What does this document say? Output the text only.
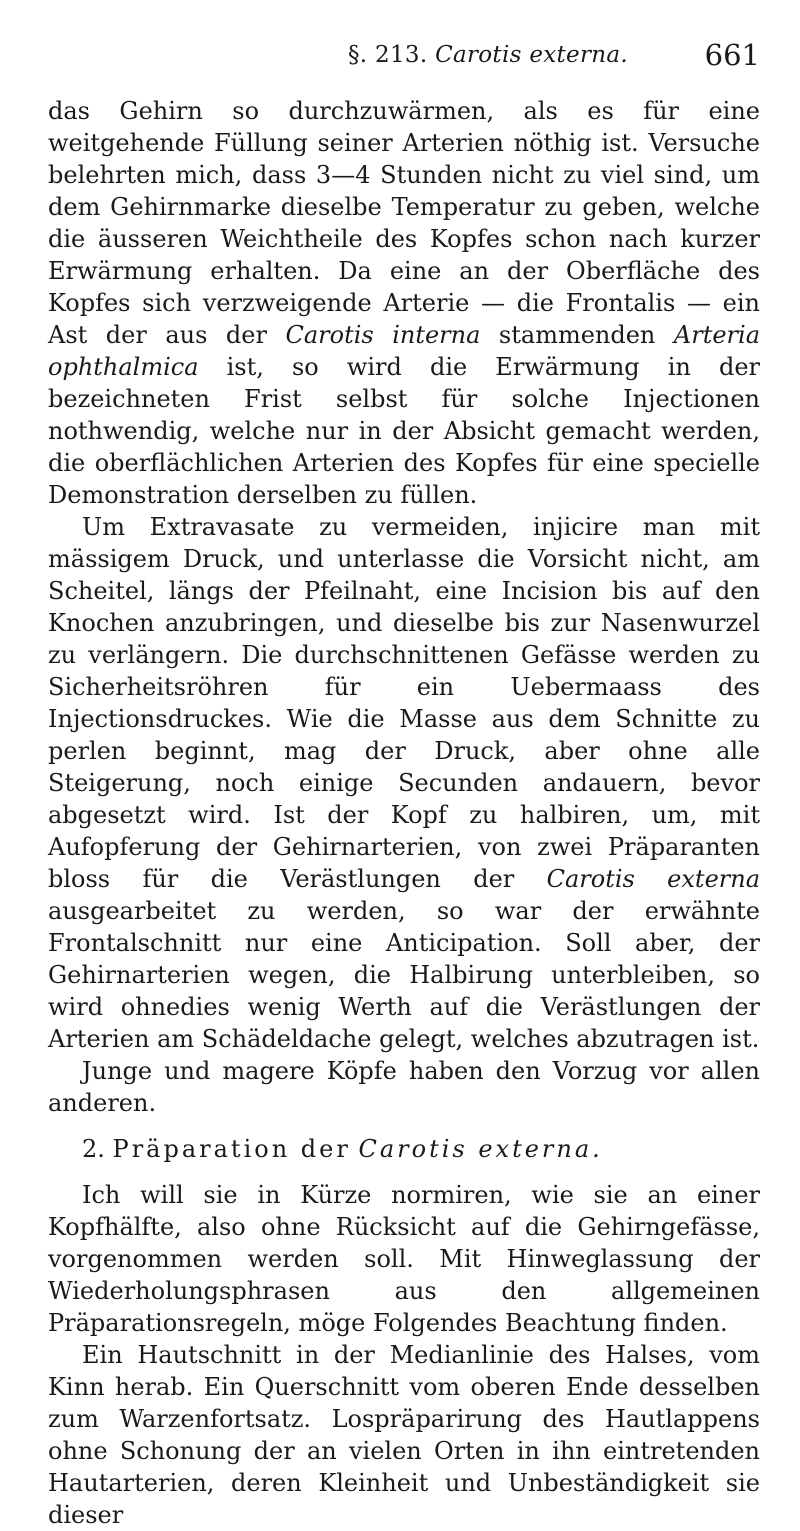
§. 213. Carotis externa.	661

das Gehirn so durchzuwärmen, als es für eine weitgehende Füllung seiner Arterien nöthig ist. Versuche belehrten mich, dass 3—4 Stunden nicht zu viel sind, um dem Gehirnmarke dieselbe Temperatur zu geben, welche die äusseren Weichtheile des Kopfes schon nach kurzer Erwärmung erhalten. Da eine an der Oberfläche des Kopfes sich verzweigende Arterie — die Frontalis — ein Ast der aus der Carotis interna stammenden Arteria ophthalmica ist, so wird die Erwärmung in der bezeichneten Frist selbst für solche Injectionen nothwendig, welche nur in der Absicht gemacht werden, die oberflächlichen Arterien des Kopfes für eine specielle Demonstration derselben zu füllen.

Um Extravasate zu vermeiden, injicire man mit mässigem Druck, und unterlasse die Vorsicht nicht, am Scheitel, längs der Pfeilnaht, eine Incision bis auf den Knochen anzubringen, und dieselbe bis zur Nasenwurzel zu verlängern. Die durchschnittenen Gefässe werden zu Sicherheitsröhren für ein Uebermaass des Injectionsdruckes. Wie die Masse aus dem Schnitte zu perlen beginnt, mag der Druck, aber ohne alle Steigerung, noch einige Secunden andauern, bevor abgesetzt wird. Ist der Kopf zu halbiren, um, mit Aufopferung der Gehirnarterien, von zwei Präparanten bloss für die Verästlungen der Carotis externa ausgearbeitet zu werden, so war der erwähnte Frontalschnitt nur eine Anticipation. Soll aber, der Gehirnarterien wegen, die Halbirung unterbleiben, so wird ohnedies wenig Werth auf die Verästlungen der Arterien am Schädeldache gelegt, welches abzutragen ist.

Junge und magere Köpfe haben den Vorzug vor allen anderen.

2. Präparation der Carotis externa.

Ich will sie in Kürze normiren, wie sie an einer Kopfhälfte, also ohne Rücksicht auf die Gehirngefässe, vorgenommen werden soll. Mit Hinweglassung der Wiederholungsphrasen aus den allgemeinen Präparationsregeln, möge Folgendes Beachtung finden.

Ein Hautschnitt in der Medianlinie des Halses, vom Kinn herab. Ein Querschnitt vom oberen Ende desselben zum Warzenfortsatz. Lospräparirung des Hautlappens ohne Schonung der an vielen Orten in ihn eintretenden Hautarterien, deren Kleinheit und Unbeständigkeit sie dieser
